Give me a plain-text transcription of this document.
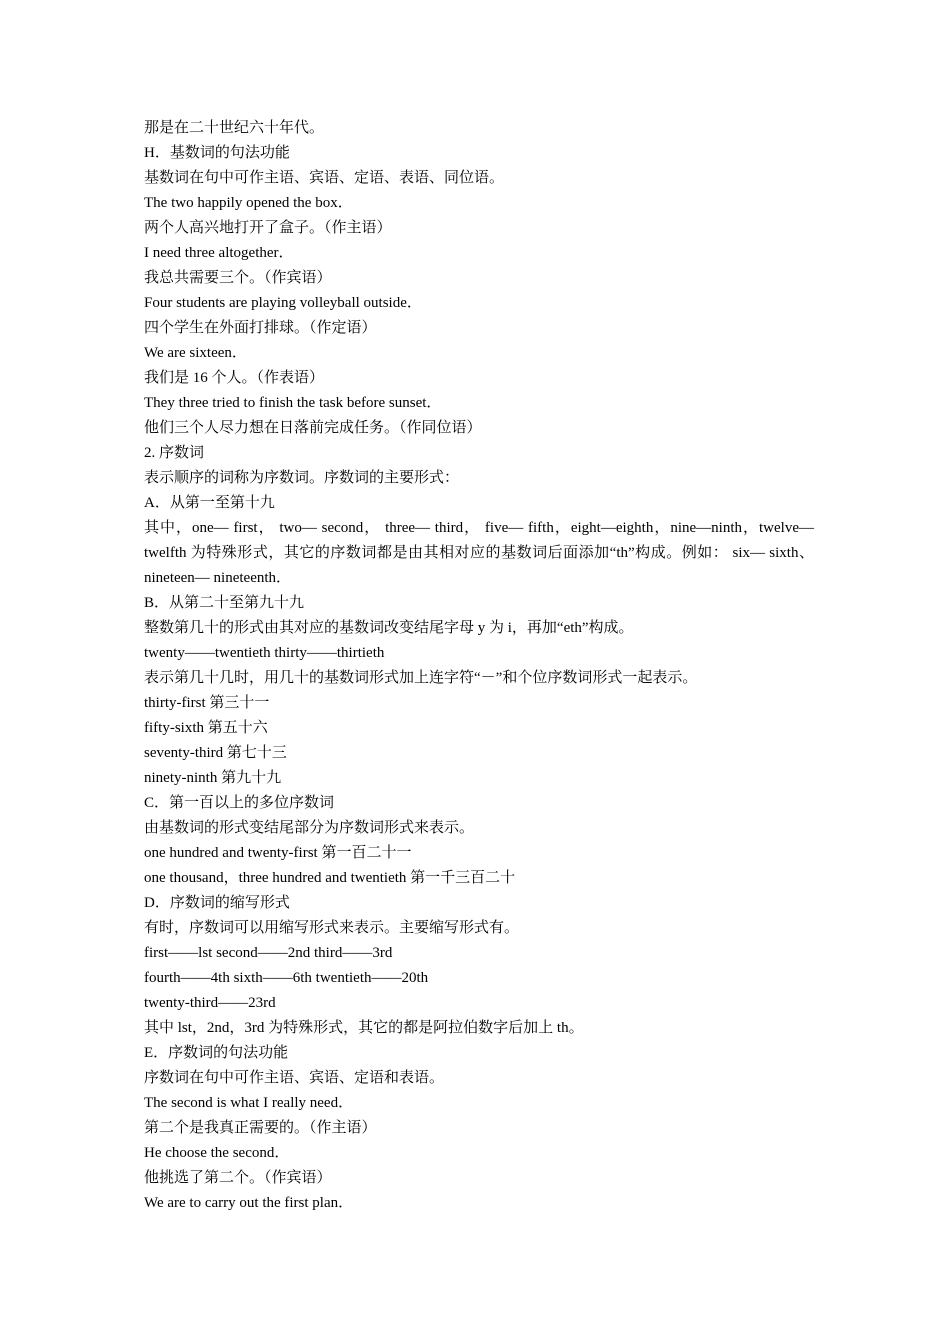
那是在二十世纪六十年代。
H．基数词的句法功能
基数词在句中可作主语、宾语、定语、表语、同位语。
The two happily opened the box．
两个人高兴地打开了盒子。（作主语）
I need three altogether．
我总共需要三个。（作宾语）
Four students are playing volleyball outside．
四个学生在外面打排球。（作定语）
We are sixteen．
我们是 16 个人。（作表语）
They three tried to finish the task before sunset．
他们三个人尽力想在日落前完成任务。（作同位语）
2. 序数词
表示顺序的词称为序数词。序数词的主要形式：
A．从第一至第十九
其中，one— first， two— second， three— third， five— fifth，eight—eighth，nine—ninth，twelve— twelfth 为特殊形式，其它的序数词都是由其相对应的基数词后面添加“th”构成。例如： six— sixth、nineteen— nineteenth．
B．从第二十至第九十九
整数第几十的形式由其对应的基数词改变结尾字母 y 为 i，再加“eth”构成。
twenty——twentieth thirty——thirtieth
表示第几十几时，用几十的基数词形式加上连字符“－”和个位序数词形式一起表示。
thirty-first 第三十一
fifty-sixth 第五十六
seventy-third 第七十三
ninety-ninth 第九十九
C．第一百以上的多位序数词
由基数词的形式变结尾部分为序数词形式来表示。
one hundred and twenty-first 第一百二十一
one thousand，three hundred and twentieth 第一千三百二十
D．序数词的缩写形式
有时，序数词可以用缩写形式来表示。主要缩写形式有。
first——lst second——2nd third——3rd
fourth——4th sixth——6th twentieth——20th
twenty-third——23rd
其中 lst，2nd，3rd 为特殊形式，其它的都是阿拉伯数字后加上 th。
E．序数词的句法功能
序数词在句中可作主语、宾语、定语和表语。
The second is what I really need．
第二个是我真正需要的。（作主语）
He choose the second．
他挑选了第二个。（作宾语）
We are to carry out the first plan．
